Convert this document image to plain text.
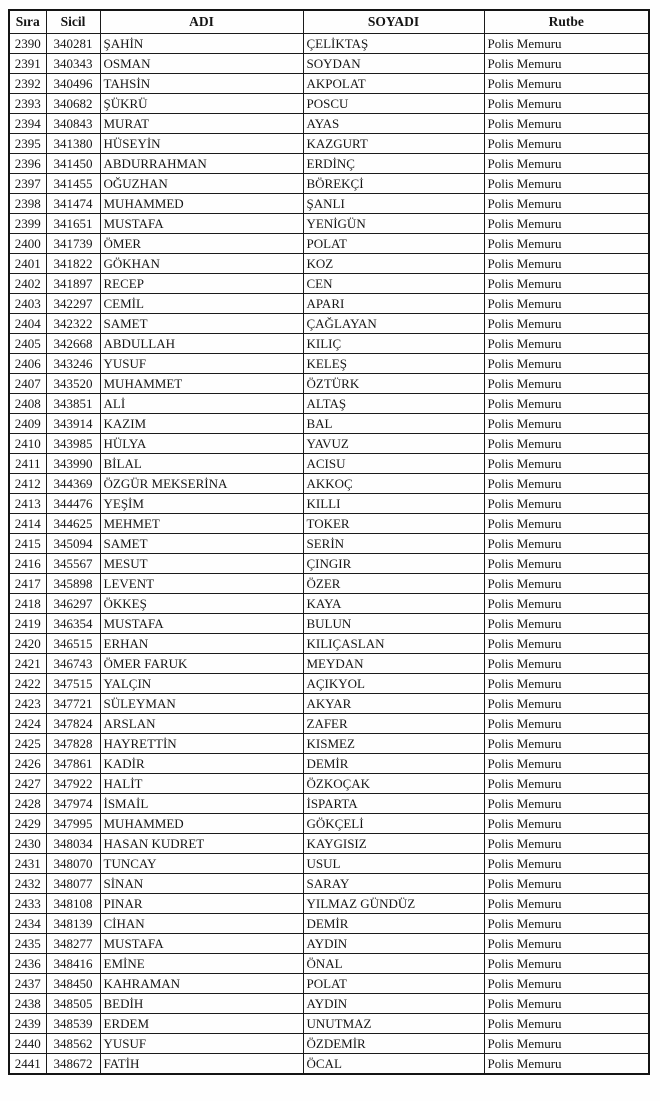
Sıra	Sicil	ADI	SOYADI	Rutbe
2390	340281	ŞAHİN	ÇELİKTAŞ	Polis Memuru
2391	340343	OSMAN	SOYDAN	Polis Memuru
2392	340496	TAHSİN	AKPOLAT	Polis Memuru
2393	340682	ŞÜKRÜ	POSCU	Polis Memuru
2394	340843	MURAT	AYAS	Polis Memuru
2395	341380	HÜSEYİN	KAZGURT	Polis Memuru
2396	341450	ABDURRAHMAN	ERDİNÇ	Polis Memuru
2397	341455	OĞUZHAN	BÖREKÇİ	Polis Memuru
2398	341474	MUHAMMED	ŞANLI	Polis Memuru
2399	341651	MUSTAFA	YENİGÜN	Polis Memuru
2400	341739	ÖMER	POLAT	Polis Memuru
2401	341822	GÖKHAN	KOZ	Polis Memuru
2402	341897	RECEP	CEN	Polis Memuru
2403	342297	CEMİL	APARI	Polis Memuru
2404	342322	SAMET	ÇAĞLAYAN	Polis Memuru
2405	342668	ABDULLAH	KILIÇ	Polis Memuru
2406	343246	YUSUF	KELEŞ	Polis Memuru
2407	343520	MUHAMMET	ÖZTÜRK	Polis Memuru
2408	343851	ALİ	ALTAŞ	Polis Memuru
2409	343914	KAZIM	BAL	Polis Memuru
2410	343985	HÜLYA	YAVUZ	Polis Memuru
2411	343990	BİLAL	ACISU	Polis Memuru
2412	344369	ÖZGÜR MEKSERİNA	AKKOÇ	Polis Memuru
2413	344476	YEŞİM	KILLI	Polis Memuru
2414	344625	MEHMET	TOKER	Polis Memuru
2415	345094	SAMET	SERİN	Polis Memuru
2416	345567	MESUT	ÇINGIR	Polis Memuru
2417	345898	LEVENT	ÖZER	Polis Memuru
2418	346297	ÖKKEŞ	KAYA	Polis Memuru
2419	346354	MUSTAFA	BULUN	Polis Memuru
2420	346515	ERHAN	KILIÇASLAN	Polis Memuru
2421	346743	ÖMER FARUK	MEYDAN	Polis Memuru
2422	347515	YALÇIN	AÇIKYOL	Polis Memuru
2423	347721	SÜLEYMAN	AKYAR	Polis Memuru
2424	347824	ARSLAN	ZAFER	Polis Memuru
2425	347828	HAYRETTİN	KISMEZ	Polis Memuru
2426	347861	KADİR	DEMİR	Polis Memuru
2427	347922	HALİT	ÖZKOÇAK	Polis Memuru
2428	347974	İSMAİL	İSPARTA	Polis Memuru
2429	347995	MUHAMMED	GÖKÇELİ	Polis Memuru
2430	348034	HASAN KUDRET	KAYGISIZ	Polis Memuru
2431	348070	TUNCAY	USUL	Polis Memuru
2432	348077	SİNAN	SARAY	Polis Memuru
2433	348108	PINAR	YILMAZ GÜNDÜZ	Polis Memuru
2434	348139	CİHAN	DEMİR	Polis Memuru
2435	348277	MUSTAFA	AYDIN	Polis Memuru
2436	348416	EMİNE	ÖNAL	Polis Memuru
2437	348450	KAHRAMAN	POLAT	Polis Memuru
2438	348505	BEDİH	AYDIN	Polis Memuru
2439	348539	ERDEM	UNUTMAZ	Polis Memuru
2440	348562	YUSUF	ÖZDEMİR	Polis Memuru
2441	348672	FATİH	ÖCAL	Polis Memuru
